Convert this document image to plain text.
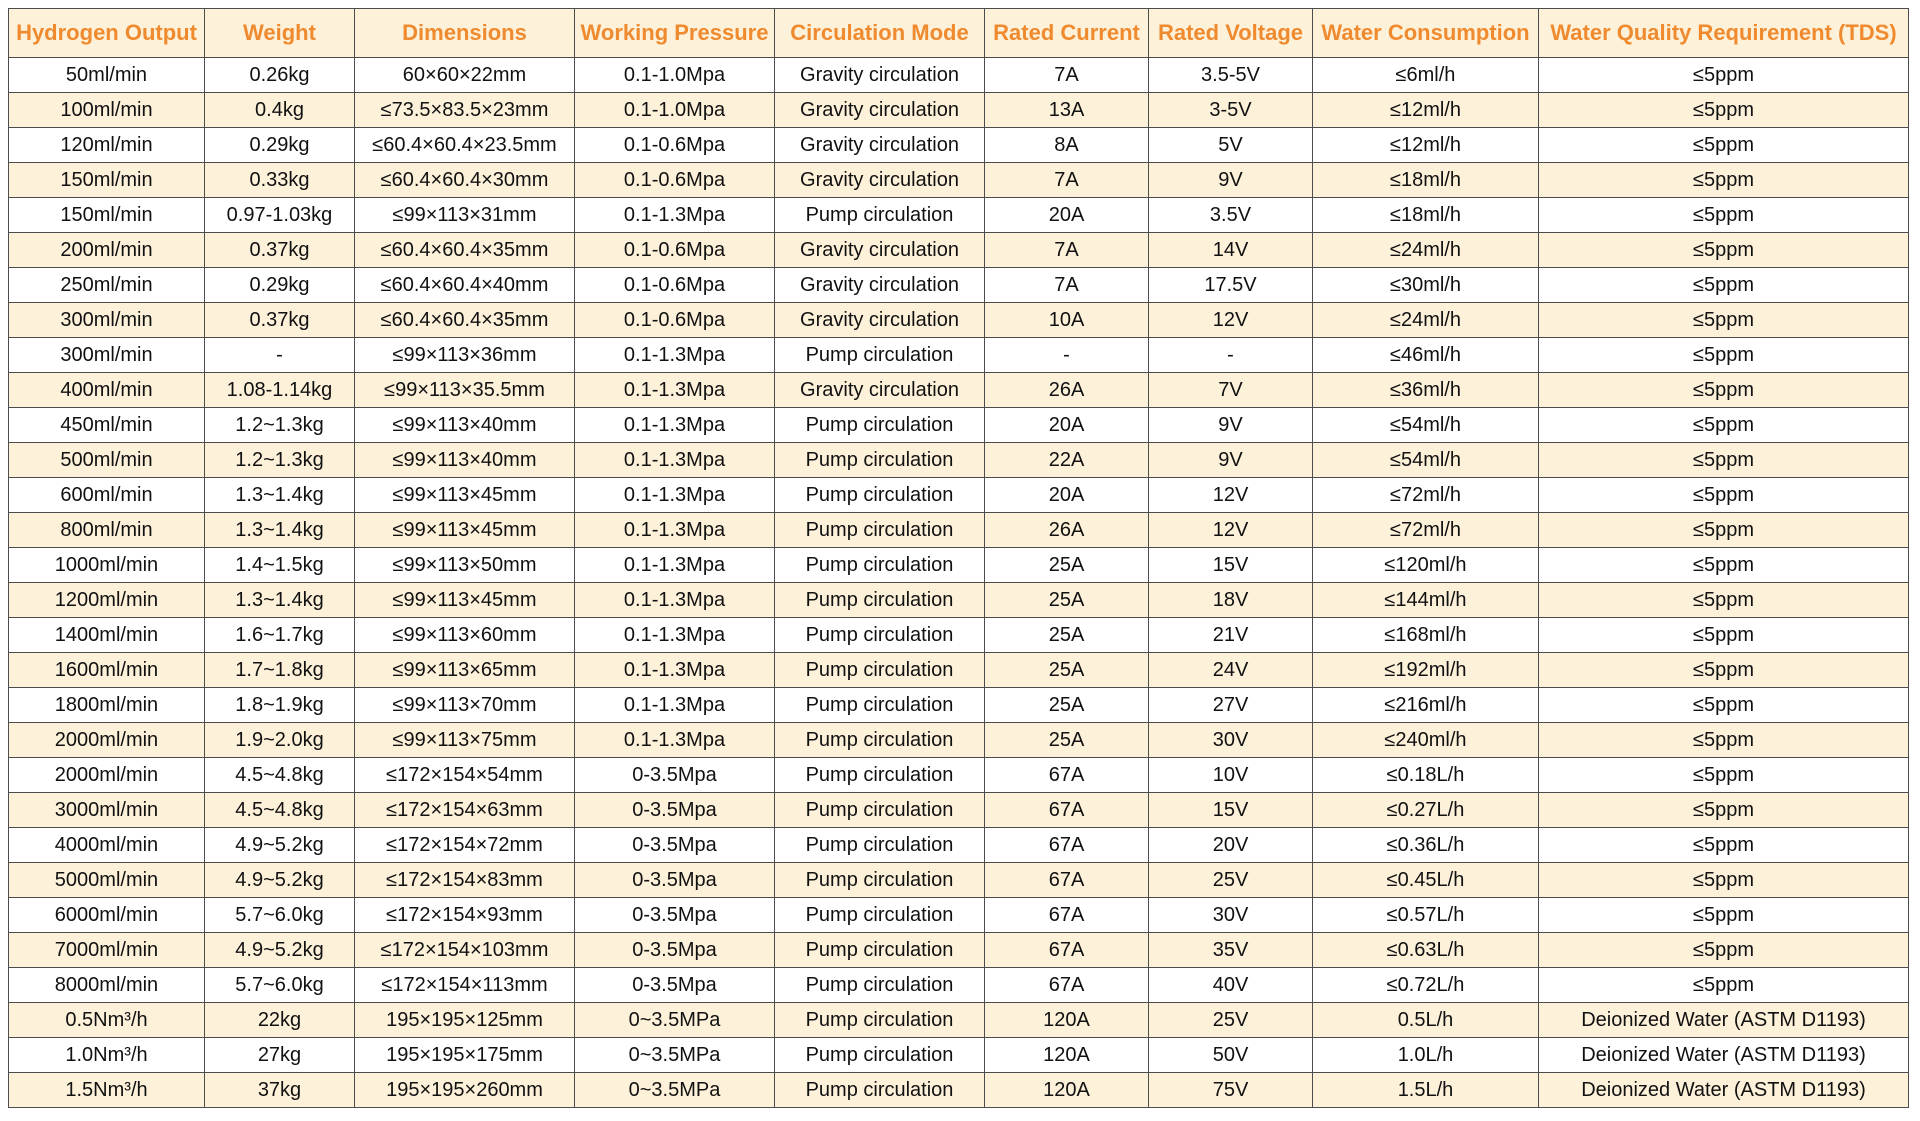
Hydrogen Output	Weight	Dimensions	Working Pressure	Circulation Mode	Rated Current	Rated Voltage	Water Consumption	Water Quality Requirement (TDS)
50ml/min	0.26kg	60×60×22mm	0.1-1.0Mpa	Gravity circulation	7A	3.5-5V	≤6ml/h	≤5ppm
100ml/min	0.4kg	≤73.5×83.5×23mm	0.1-1.0Mpa	Gravity circulation	13A	3-5V	≤12ml/h	≤5ppm
120ml/min	0.29kg	≤60.4×60.4×23.5mm	0.1-0.6Mpa	Gravity circulation	8A	5V	≤12ml/h	≤5ppm
150ml/min	0.33kg	≤60.4×60.4×30mm	0.1-0.6Mpa	Gravity circulation	7A	9V	≤18ml/h	≤5ppm
150ml/min	0.97-1.03kg	≤99×113×31mm	0.1-1.3Mpa	Pump circulation	20A	3.5V	≤18ml/h	≤5ppm
200ml/min	0.37kg	≤60.4×60.4×35mm	0.1-0.6Mpa	Gravity circulation	7A	14V	≤24ml/h	≤5ppm
250ml/min	0.29kg	≤60.4×60.4×40mm	0.1-0.6Mpa	Gravity circulation	7A	17.5V	≤30ml/h	≤5ppm
300ml/min	0.37kg	≤60.4×60.4×35mm	0.1-0.6Mpa	Gravity circulation	10A	12V	≤24ml/h	≤5ppm
300ml/min	-	≤99×113×36mm	0.1-1.3Mpa	Pump circulation	-	-	≤46ml/h	≤5ppm
400ml/min	1.08-1.14kg	≤99×113×35.5mm	0.1-1.3Mpa	Gravity circulation	26A	7V	≤36ml/h	≤5ppm
450ml/min	1.2~1.3kg	≤99×113×40mm	0.1-1.3Mpa	Pump circulation	20A	9V	≤54ml/h	≤5ppm
500ml/min	1.2~1.3kg	≤99×113×40mm	0.1-1.3Mpa	Pump circulation	22A	9V	≤54ml/h	≤5ppm
600ml/min	1.3~1.4kg	≤99×113×45mm	0.1-1.3Mpa	Pump circulation	20A	12V	≤72ml/h	≤5ppm
800ml/min	1.3~1.4kg	≤99×113×45mm	0.1-1.3Mpa	Pump circulation	26A	12V	≤72ml/h	≤5ppm
1000ml/min	1.4~1.5kg	≤99×113×50mm	0.1-1.3Mpa	Pump circulation	25A	15V	≤120ml/h	≤5ppm
1200ml/min	1.3~1.4kg	≤99×113×45mm	0.1-1.3Mpa	Pump circulation	25A	18V	≤144ml/h	≤5ppm
1400ml/min	1.6~1.7kg	≤99×113×60mm	0.1-1.3Mpa	Pump circulation	25A	21V	≤168ml/h	≤5ppm
1600ml/min	1.7~1.8kg	≤99×113×65mm	0.1-1.3Mpa	Pump circulation	25A	24V	≤192ml/h	≤5ppm
1800ml/min	1.8~1.9kg	≤99×113×70mm	0.1-1.3Mpa	Pump circulation	25A	27V	≤216ml/h	≤5ppm
2000ml/min	1.9~2.0kg	≤99×113×75mm	0.1-1.3Mpa	Pump circulation	25A	30V	≤240ml/h	≤5ppm
2000ml/min	4.5~4.8kg	≤172×154×54mm	0-3.5Mpa	Pump circulation	67A	10V	≤0.18L/h	≤5ppm
3000ml/min	4.5~4.8kg	≤172×154×63mm	0-3.5Mpa	Pump circulation	67A	15V	≤0.27L/h	≤5ppm
4000ml/min	4.9~5.2kg	≤172×154×72mm	0-3.5Mpa	Pump circulation	67A	20V	≤0.36L/h	≤5ppm
5000ml/min	4.9~5.2kg	≤172×154×83mm	0-3.5Mpa	Pump circulation	67A	25V	≤0.45L/h	≤5ppm
6000ml/min	5.7~6.0kg	≤172×154×93mm	0-3.5Mpa	Pump circulation	67A	30V	≤0.57L/h	≤5ppm
7000ml/min	4.9~5.2kg	≤172×154×103mm	0-3.5Mpa	Pump circulation	67A	35V	≤0.63L/h	≤5ppm
8000ml/min	5.7~6.0kg	≤172×154×113mm	0-3.5Mpa	Pump circulation	67A	40V	≤0.72L/h	≤5ppm
0.5Nm³/h	22kg	195×195×125mm	0~3.5MPa	Pump circulation	120A	25V	0.5L/h	Deionized Water (ASTM D1193)
1.0Nm³/h	27kg	195×195×175mm	0~3.5MPa	Pump circulation	120A	50V	1.0L/h	Deionized Water (ASTM D1193)
1.5Nm³/h	37kg	195×195×260mm	0~3.5MPa	Pump circulation	120A	75V	1.5L/h	Deionized Water (ASTM D1193)
